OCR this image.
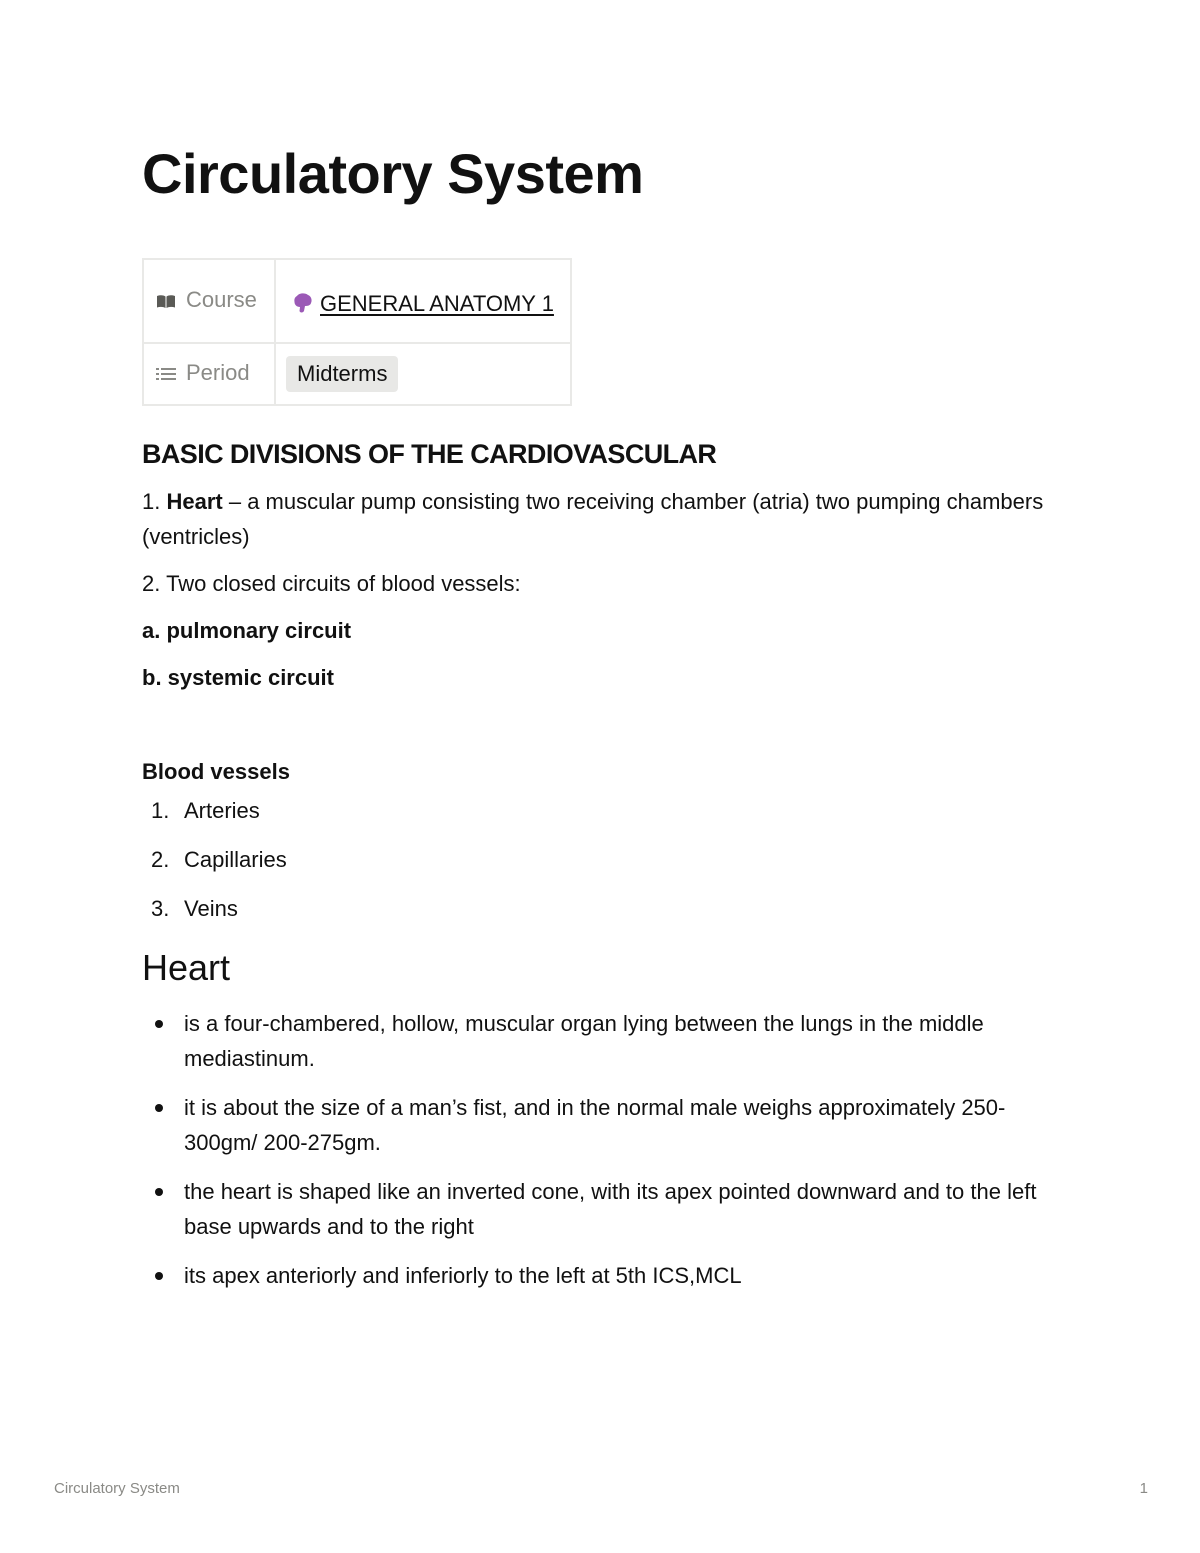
Circulatory System
Course	GENERAL ANATOMY 1

Period	Midterms
BASIC DIVISIONS OF THE CARDIOVASCULAR

1. Heart – a muscular pump consisting two receiving chamber (atria) two pumping chambers (ventricles)

2. Two closed circuits of blood vessels:

a. pulmonary circuit

b. systemic circuit

Blood vessels

1. Arteries
2. Capillaries
3. Veins
Heart
is a four-chambered, hollow, muscular organ lying between the lungs in the middle mediastinum.
it is about the size of a man’s fist, and in the normal male weighs approximately 250-300gm/ 200-275gm.
the heart is shaped like an inverted cone, with its apex pointed downward and to the left base upwards and to the right
its apex anteriorly and inferiorly to the left at 5th ICS,MCL
Circulatory System	1
